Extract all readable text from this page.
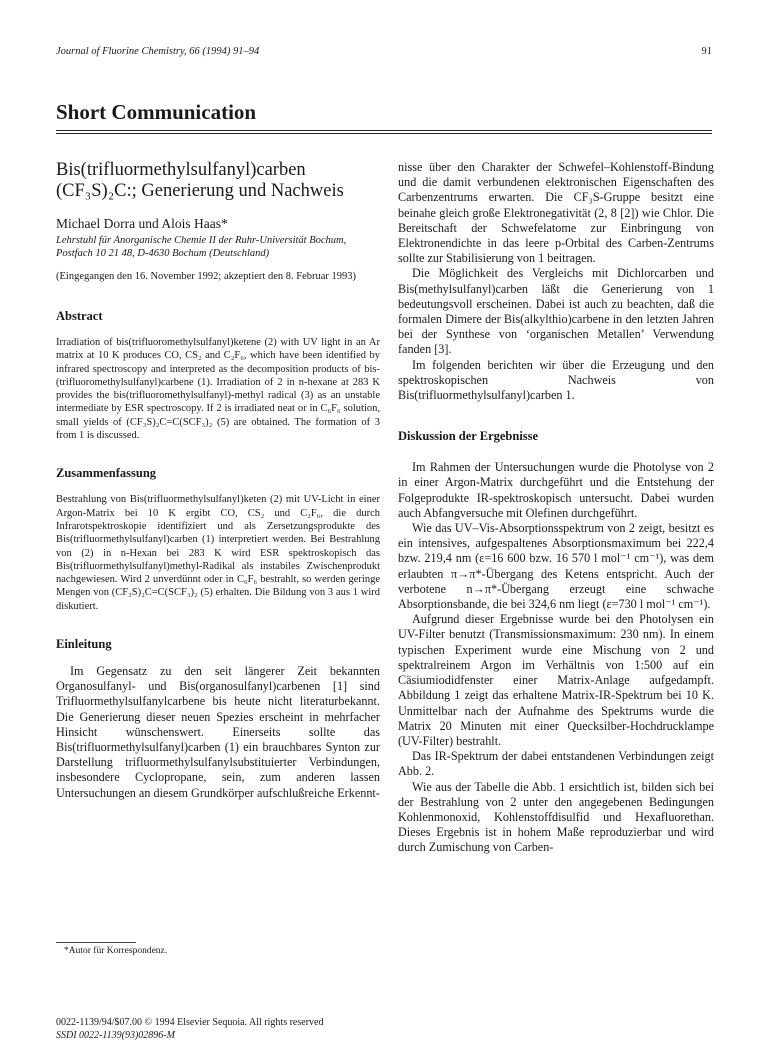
Journal of Fluorine Chemistry, 66 (1994) 91–94	91
Short Communication
Bis(trifluormethylsulfanyl)carben
(CF₃S)₂C:; Generierung und Nachweis

Michael Dorra und Alois Haas*

Lehrstuhl für Anorganische Chemie II der Ruhr-Universität Bochum, Postfach 10 21 48, D-4630 Bochum (Deutschland)

(Eingegangen den 16. November 1992; akzeptiert den 8. Februar 1993)

Abstract

Irradiation of bis(trifluoromethylsulfanyl)ketene (2) with UV light in an Ar matrix at 10 K produces CO, CS₂ and C₂F₆, which have been identified by infrared spectroscopy and interpreted as the decomposition products of bis-(trifluoromethylsulfanyl)carbene (1). Irradiation of 2 in n-hexane at 283 K provides the bis(trifluoromethylsulfanyl)-methyl radical (3) as an unstable intermediate by ESR spectroscopy. If 2 is irradiated neat or in C₆F₆ solution, small yields of (CF₃S)₂C=C(SCF₃)₂ (5) are obtained. The formation of 3 from 1 is discussed.

Zusammenfassung

Bestrahlung von Bis(trifluormethylsulfanyl)keten (2) mit UV-Licht in einer Argon-Matrix bei 10 K ergibt CO, CS₂ und C₂F₆, die durch Infrarotspektroskopie identifiziert und als Zersetzungsprodukte des Bis(trifluormethylsulfanyl)carben (1) interpretiert werden. Bei Bestrahlung von (2) in n-Hexan bei 283 K wird ESR spektroskopisch das Bis(trifluormethylsulfanyl)methyl-Radikal als instabiles Zwischenprodukt nachgewiesen. Wird 2 unverdünnt oder in C₆F₆ bestrahlt, so werden geringe Mengen von (CF₃S)₂C=C(SCF₃)₂ (5) erhalten. Die Bildung von 3 aus 1 wird diskutiert.

Einleitung

Im Gegensatz zu den seit längerer Zeit bekannten Organosulfanyl- und Bis(organosulfanyl)carbenen [1] sind Trifluormethylsulfanylcarbene bis heute nicht literaturbekannt. Die Generierung dieser neuen Spezies erscheint in mehrfacher Hinsicht wünschenswert. Einerseits sollte das Bis(trifluormethylsulfanyl)carben (1) ein brauchbares Synton zur Darstellung trifluormethylsulfanylsubstituierter Verbindungen, insbesondere Cyclopropane, sein, zum anderen lassen Untersuchungen an diesem Grundkörper aufschlußreiche Erkennt-

nisse über den Charakter der Schwefel–Kohlenstoff-Bindung und die damit verbundenen elektronischen Eigenschaften des Carbenzentrums erwarten. Die CF₃S-Gruppe besitzt eine beinahe gleich große Elektronegativität (2, 8 [2]) wie Chlor. Die Bereitschaft der Schwefelatome zur Einbringung von Elektronendichte in das leere p-Orbital des Carben-Zentrums sollte zur Stabilisierung von 1 beitragen.

Die Möglichkeit des Vergleichs mit Dichlorcarben und Bis(methylsulfanyl)carben läßt die Generierung von 1 bedeutungsvoll erscheinen. Dabei ist auch zu beachten, daß die formalen Dimere der Bis(alkylthio)carbene in den letzten Jahren bei der Synthese von ‘organischen Metallen’ Verwendung fanden [3].

Im folgenden berichten wir über die Erzeugung und den spektroskopischen Nachweis von Bis(trifluormethylsulfanyl)carben 1.

Diskussion der Ergebnisse

Im Rahmen der Untersuchungen wurde die Photolyse von 2 in einer Argon-Matrix durchgeführt und die Entstehung der Folgeprodukte IR-spektroskopisch untersucht. Dabei wurden auch Abfangversuche mit Olefinen durchgeführt.

Wie das UV–Vis-Absorptionsspektrum von 2 zeigt, besitzt es ein intensives, aufgespaltenes Absorptionsmaximum bei 222,4 bzw. 219,4 nm (ε=16 600 bzw. 16 570 l mol⁻¹ cm⁻¹), was dem erlaubten π→π*-Übergang des Ketens entspricht. Auch der verbotene n→π*-Übergang erzeugt eine schwache Absorptionsbande, die bei 324,6 nm liegt (ε=730 l mol⁻¹ cm⁻¹).

Aufgrund dieser Ergebnisse wurde bei den Photolysen ein UV-Filter benutzt (Transmissionsmaximum: 230 nm). In einem typischen Experiment wurde eine Mischung von 2 und spektralreinem Argon im Verhältnis von 1:500 auf ein Cäsiumiodidfenster einer Matrix-Anlage aufgedampft. Abbildung 1 zeigt das erhaltene Matrix-IR-Spektrum bei 10 K. Unmittelbar nach der Aufnahme des Spektrums wurde die Matrix 20 Minuten mit einer Quecksilber-Hochdrucklampe (UV-Filter) bestrahlt.

Das IR-Spektrum der dabei entstandenen Verbindungen zeigt Abb. 2.

Wie aus der Tabelle die Abb. 1 ersichtlich ist, bilden sich bei der Bestrahlung von 2 unter den angegebenen Bedingungen Kohlenmonoxid, Kohlenstoffdisulfid und Hexafluorethan. Dieses Ergebnis ist in hohem Maße reproduzierbar und wird durch Zumischung von Carben-

*Autor für Korrespondenz.
0022-1139/94/$07.00 © 1994 Elsevier Sequoia. All rights reserved
SSDI 0022-1139(93)02896-M
